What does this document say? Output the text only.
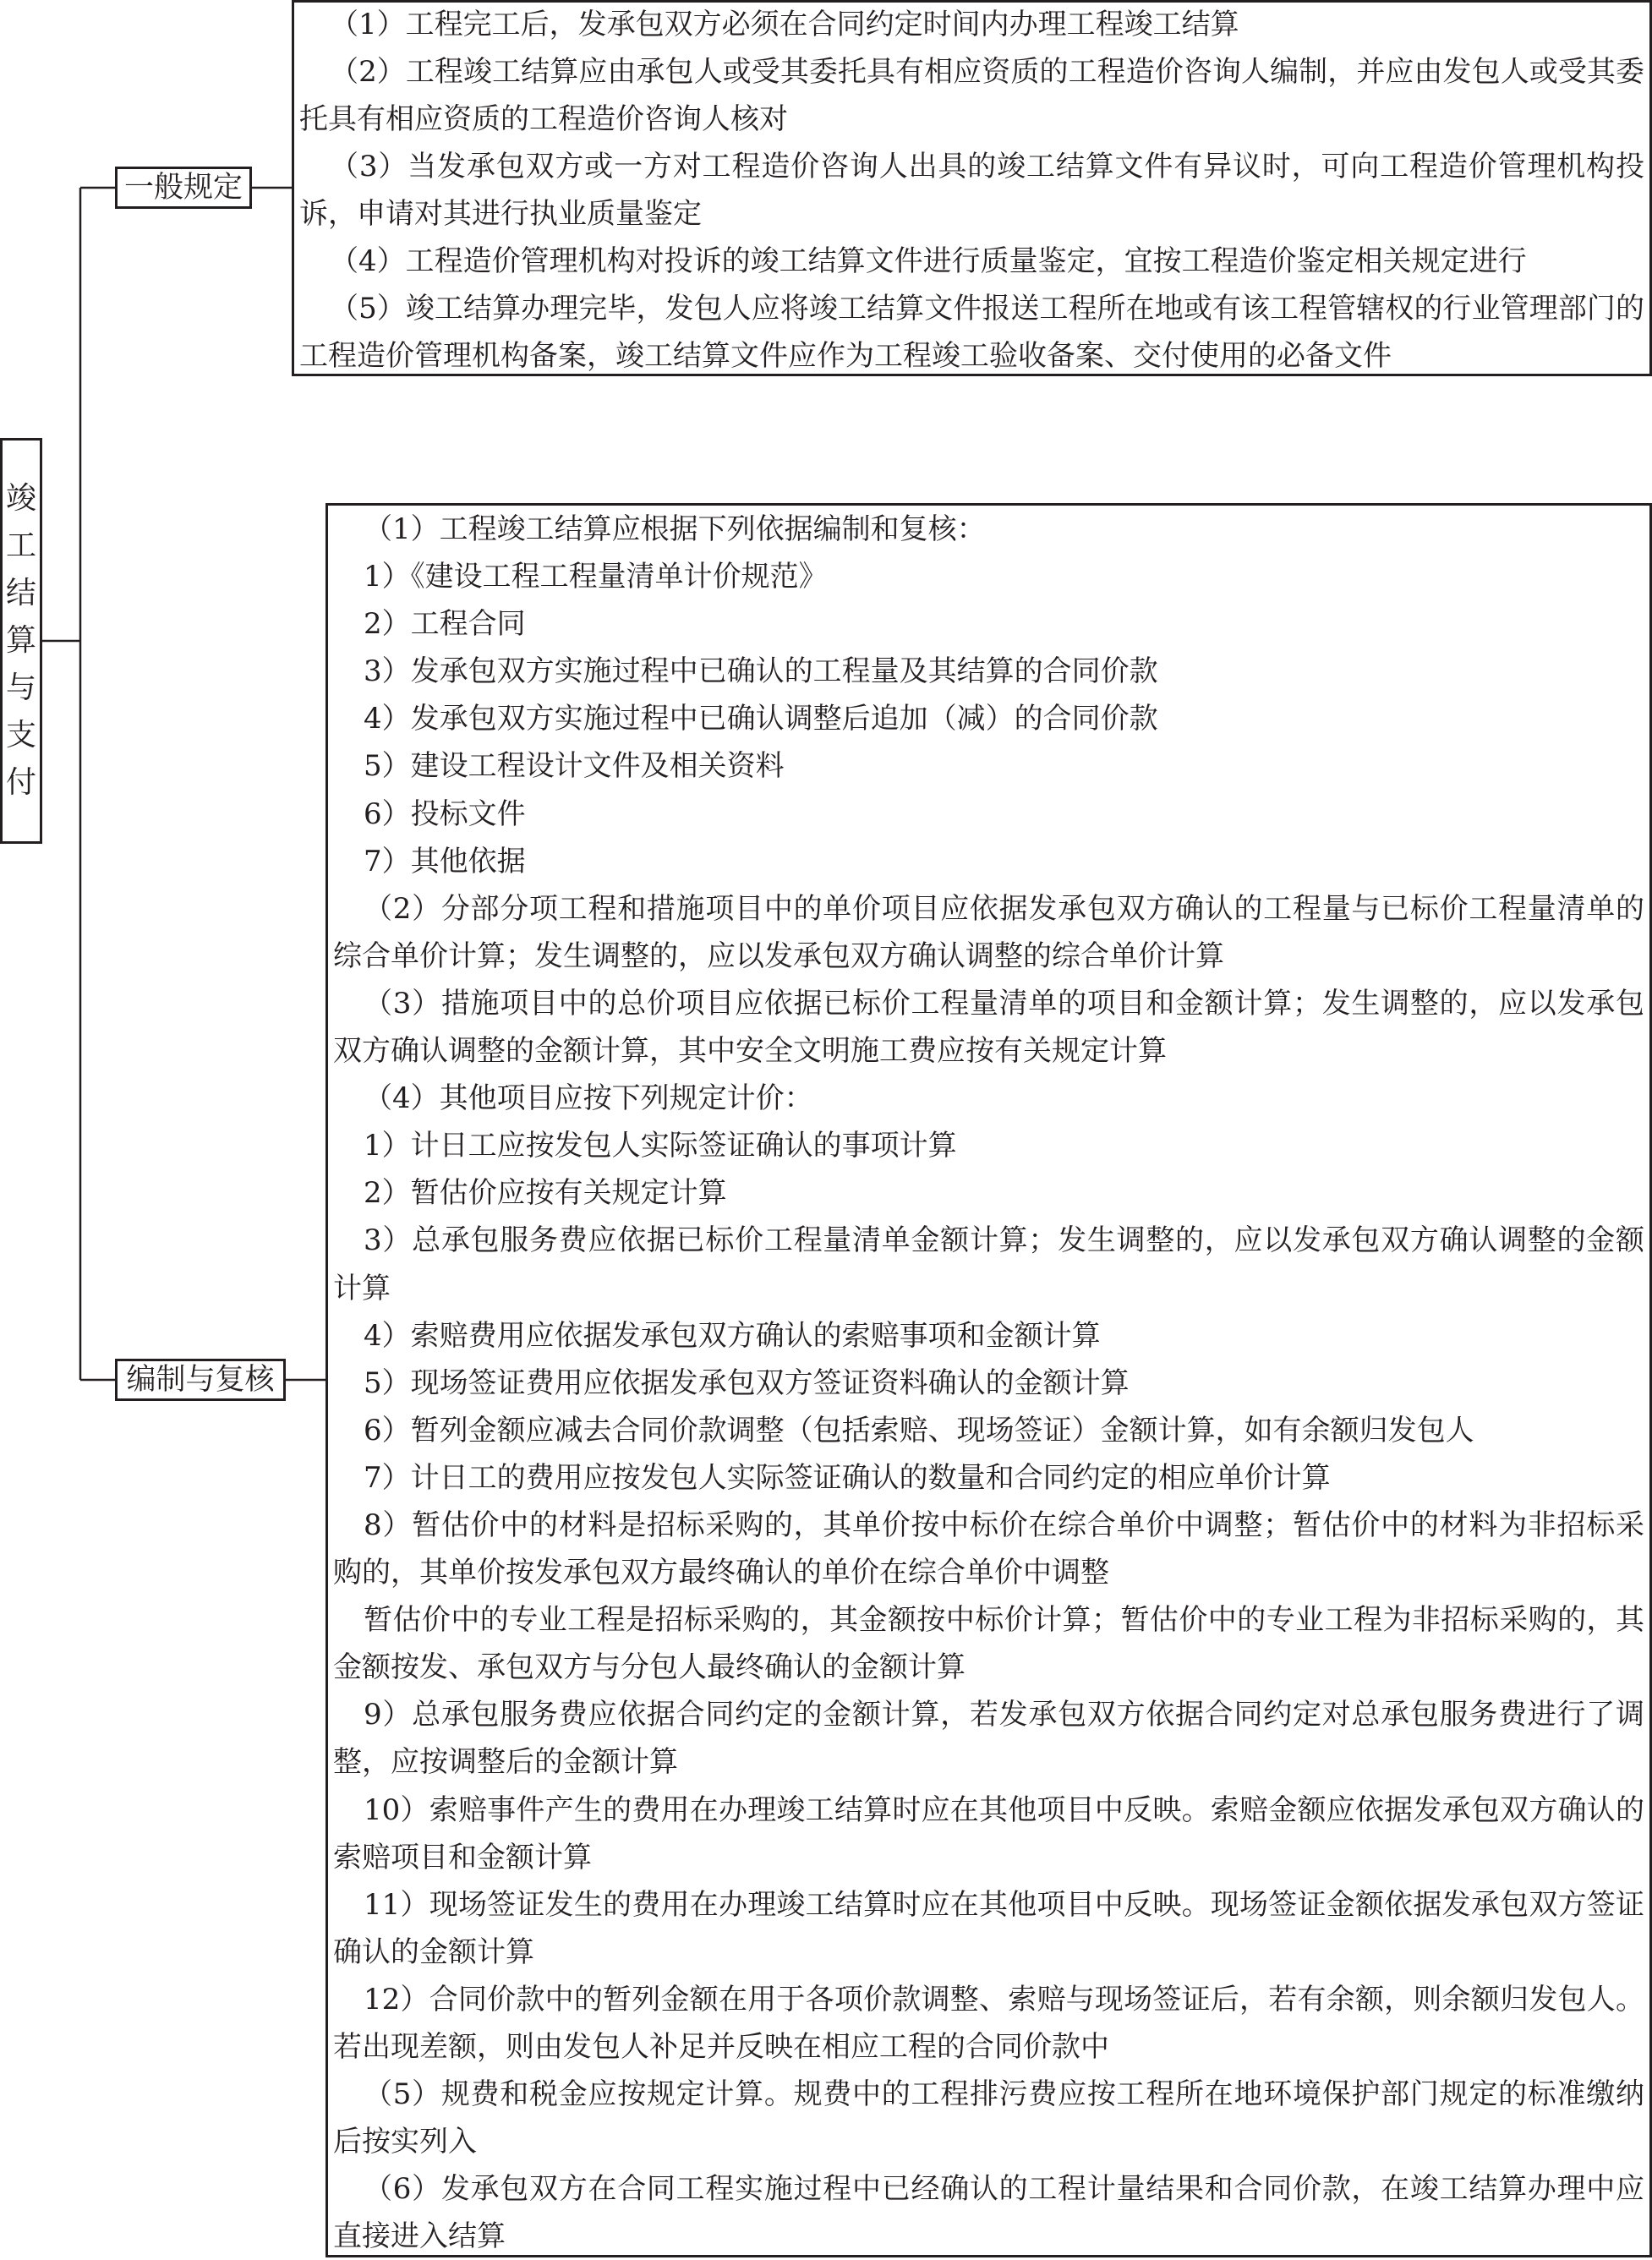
竣
工
结
算
与
支
付
一般规定
编制与复核
（1）工程完工后，发承包双方必须在合同约定时间内办理工程竣工结算
（2）工程竣工结算应由承包人或受其委托具有相应资质的工程造价咨询人编制，并应由发包人或受其委托具有相应资质的工程造价咨询人核对
（3）当发承包双方或一方对工程造价咨询人出具的竣工结算文件有异议时，可向工程造价管理机构投诉，申请对其进行执业质量鉴定
（4）工程造价管理机构对投诉的竣工结算文件进行质量鉴定，宜按工程造价鉴定相关规定进行
（5）竣工结算办理完毕，发包人应将竣工结算文件报送工程所在地或有该工程管辖权的行业管理部门的工程造价管理机构备案，竣工结算文件应作为工程竣工验收备案、交付使用的必备文件
（1）工程竣工结算应根据下列依据编制和复核：
1）《建设工程工程量清单计价规范》
2）工程合同
3）发承包双方实施过程中已确认的工程量及其结算的合同价款
4）发承包双方实施过程中已确认调整后追加（减）的合同价款
5）建设工程设计文件及相关资料
6）投标文件
7）其他依据
（2）分部分项工程和措施项目中的单价项目应依据发承包双方确认的工程量与已标价工程量清单的综合单价计算；发生调整的，应以发承包双方确认调整的综合单价计算
（3）措施项目中的总价项目应依据已标价工程量清单的项目和金额计算；发生调整的，应以发承包双方确认调整的金额计算，其中安全文明施工费应按有关规定计算
（4）其他项目应按下列规定计价：
1）计日工应按发包人实际签证确认的事项计算
2）暂估价应按有关规定计算
3）总承包服务费应依据已标价工程量清单金额计算；发生调整的，应以发承包双方确认调整的金额计算
4）索赔费用应依据发承包双方确认的索赔事项和金额计算
5）现场签证费用应依据发承包双方签证资料确认的金额计算
6）暂列金额应减去合同价款调整（包括索赔、现场签证）金额计算，如有余额归发包人
7）计日工的费用应按发包人实际签证确认的数量和合同约定的相应单价计算
8）暂估价中的材料是招标采购的，其单价按中标价在综合单价中调整；暂估价中的材料为非招标采购的，其单价按发承包双方最终确认的单价在综合单价中调整
暂估价中的专业工程是招标采购的，其金额按中标价计算；暂估价中的专业工程为非招标采购的，其金额按发、承包双方与分包人最终确认的金额计算
9）总承包服务费应依据合同约定的金额计算，若发承包双方依据合同约定对总承包服务费进行了调整，应按调整后的金额计算
10）索赔事件产生的费用在办理竣工结算时应在其他项目中反映。索赔金额应依据发承包双方确认的索赔项目和金额计算
11）现场签证发生的费用在办理竣工结算时应在其他项目中反映。现场签证金额依据发承包双方签证确认的金额计算
12）合同价款中的暂列金额在用于各项价款调整、索赔与现场签证后，若有余额，则余额归发包人。若出现差额，则由发包人补足并反映在相应工程的合同价款中
（5）规费和税金应按规定计算。规费中的工程排污费应按工程所在地环境保护部门规定的标准缴纳后按实列入
（6）发承包双方在合同工程实施过程中已经确认的工程计量结果和合同价款，在竣工结算办理中应直接进入结算
